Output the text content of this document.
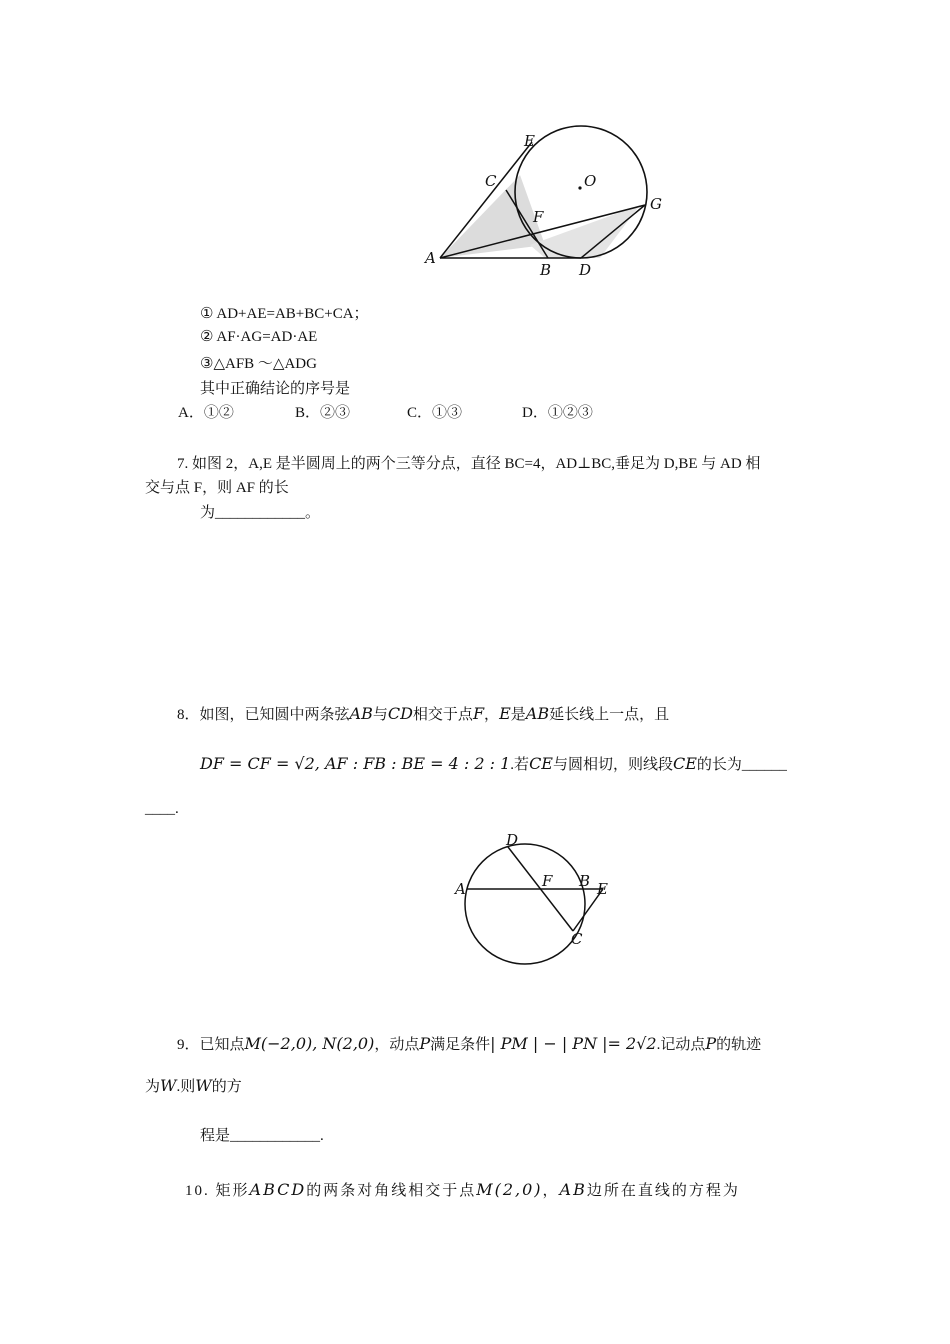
E
C	O
F
G
A
B D
① AD+AE=AB+BC+CA；
② AF·AG=AD·AE
③△AFB ～△ADG
其中正确结论的序号是
A．①②	B．②③	C．①③	D．①②③
7. 如图 2，A,E 是半圆周上的两个三等分点，直径 BC=4，AD⊥BC,垂足为 D,BE 与 AD 相
交与点 F，则 AF 的长
为____________。
8．如图，已知圆中两条弦AB与CD相交于点F，E是AB延长线上一点，且
DF = CF = √2, AF : FB : BE = 4 : 2 : 1.若CE与圆相切，则线段CE的长为______
____.
D
A	F B E
C
9．已知点M(−2,0), N(2,0)，动点P满足条件| PM | − | PN |= 2√2.记动点P的轨迹
为W.则W的方
程是____________.
10. 矩形ABCD的两条对角线相交于点M(2,0)，AB边所在直线的方程为
